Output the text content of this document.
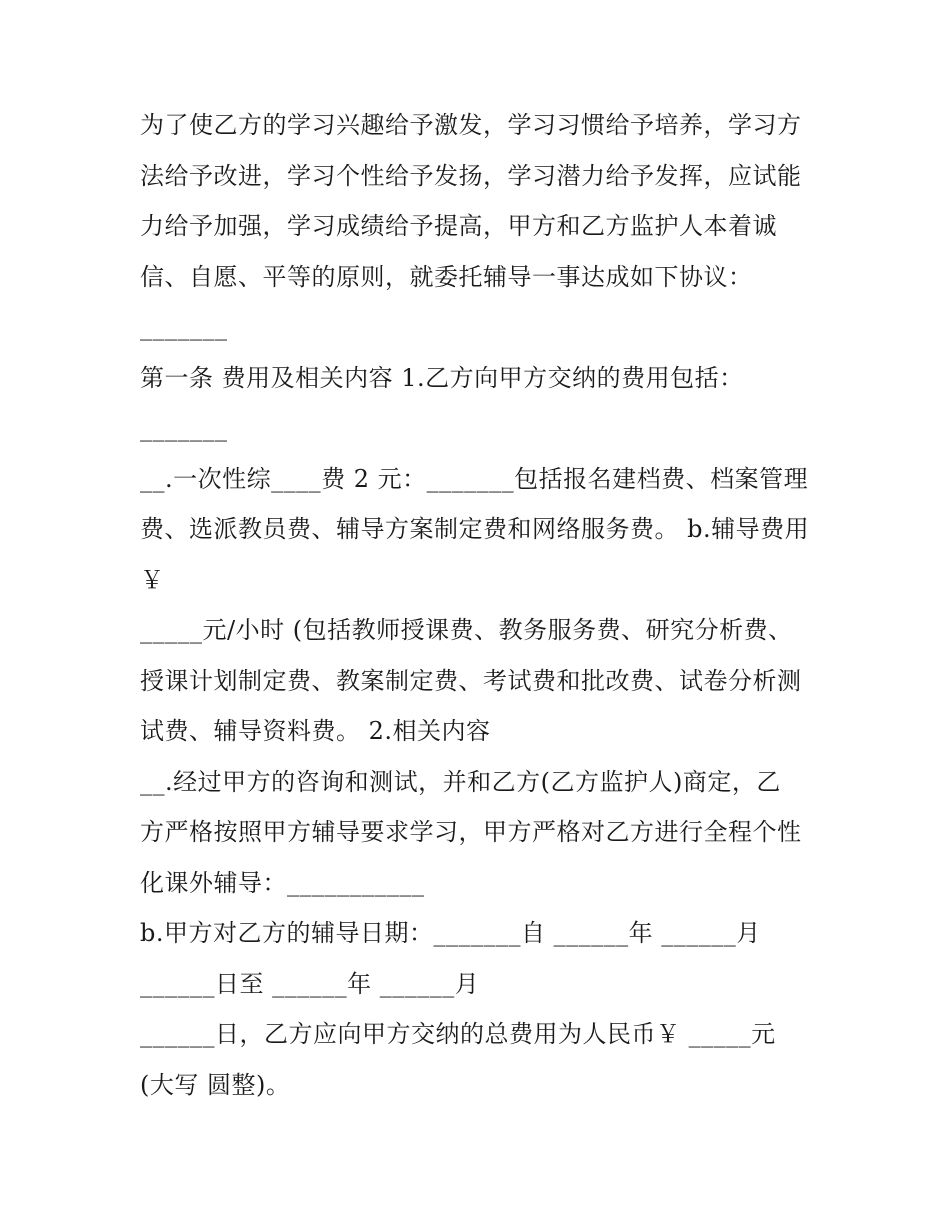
为了使乙方的学习兴趣给予激发，学习习惯给予培养，学习方
法给予改进，学习个性给予发扬，学习潜力给予发挥，应试能
力给予加强，学习成绩给予提高，甲方和乙方监护人本着诚
信、自愿、平等的原则，就委托辅导一事达成如下协议：
_______
第一条 费用及相关内容 1.乙方向甲方交纳的费用包括：
_______
__.一次性综____费 2 元：_______包括报名建档费、档案管理
费、选派教员费、辅导方案制定费和网络服务费。 b.辅导费用
￥
_____元/小时 (包括教师授课费、教务服务费、研究分析费、
授课计划制定费、教案制定费、考试费和批改费、试卷分析测
试费、辅导资料费。 2.相关内容
__.经过甲方的咨询和测试，并和乙方(乙方监护人)商定，乙
方严格按照甲方辅导要求学习，甲方严格对乙方进行全程个性
化课外辅导：___________
b.甲方对乙方的辅导日期：_______自 ______年 ______月
______日至 ______年 ______月
______日，乙方应向甲方交纳的总费用为人民币￥ _____元
(大写 圆整)。
